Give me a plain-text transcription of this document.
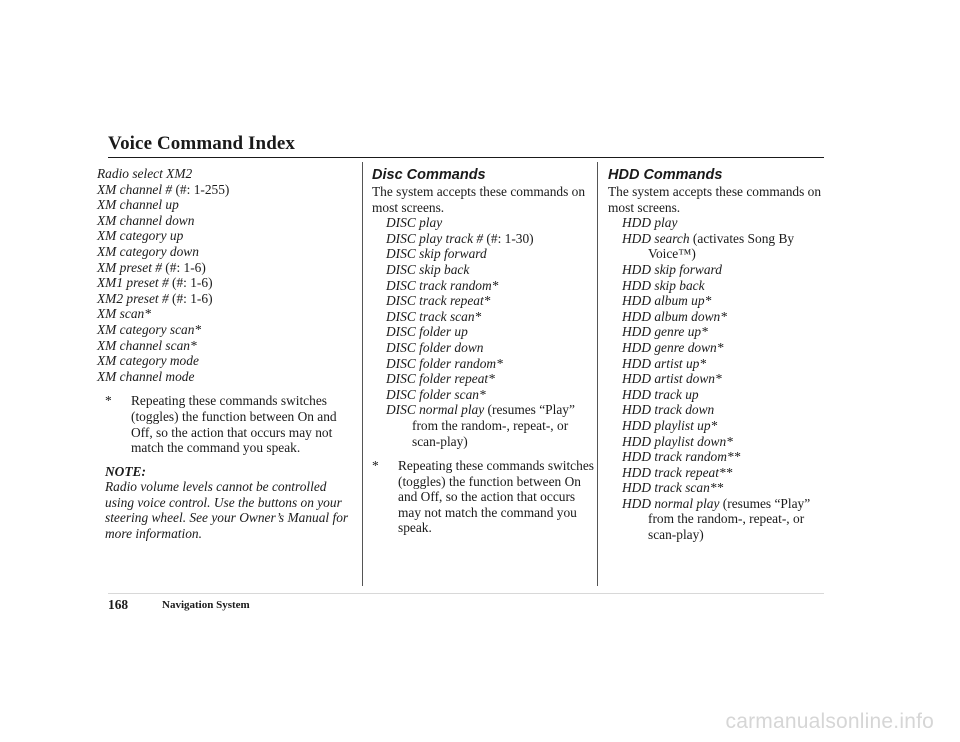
Voice Command Index
Radio select XM2
XM channel # (#: 1-255)
XM channel up
XM channel down
XM category up
XM category down
XM preset # (#: 1-6)
XM1 preset # (#: 1-6)
XM2 preset # (#: 1-6)
XM scan*
XM category scan*
XM channel scan*
XM category mode
XM channel mode
* Repeating these commands switches (toggles) the function between On and Off, so the action that occurs may not match the command you speak.
NOTE:
Radio volume levels cannot be controlled using voice control. Use the buttons on your steering wheel. See your Owner’s Manual for more information.
Disc Commands
The system accepts these commands on most screens.
DISC play
DISC play track # (#: 1-30)
DISC skip forward
DISC skip back
DISC track random*
DISC track repeat*
DISC track scan*
DISC folder up
DISC folder down
DISC folder random*
DISC folder repeat*
DISC folder scan*
DISC normal play (resumes “Play” from the random-, repeat-, or scan-play)
* Repeating these commands switches (toggles) the function between On and Off, so the action that occurs may not match the command you speak.
HDD Commands
The system accepts these commands on most screens.
HDD play
HDD search (activates Song By Voice™)
HDD skip forward
HDD skip back
HDD album up*
HDD album down*
HDD genre up*
HDD genre down*
HDD artist up*
HDD artist down*
HDD track up
HDD track down
HDD playlist up*
HDD playlist down*
HDD track random**
HDD track repeat**
HDD track scan**
HDD normal play (resumes “Play” from the random-, repeat-, or scan-play)
168	Navigation System
carmanualsonline.info
